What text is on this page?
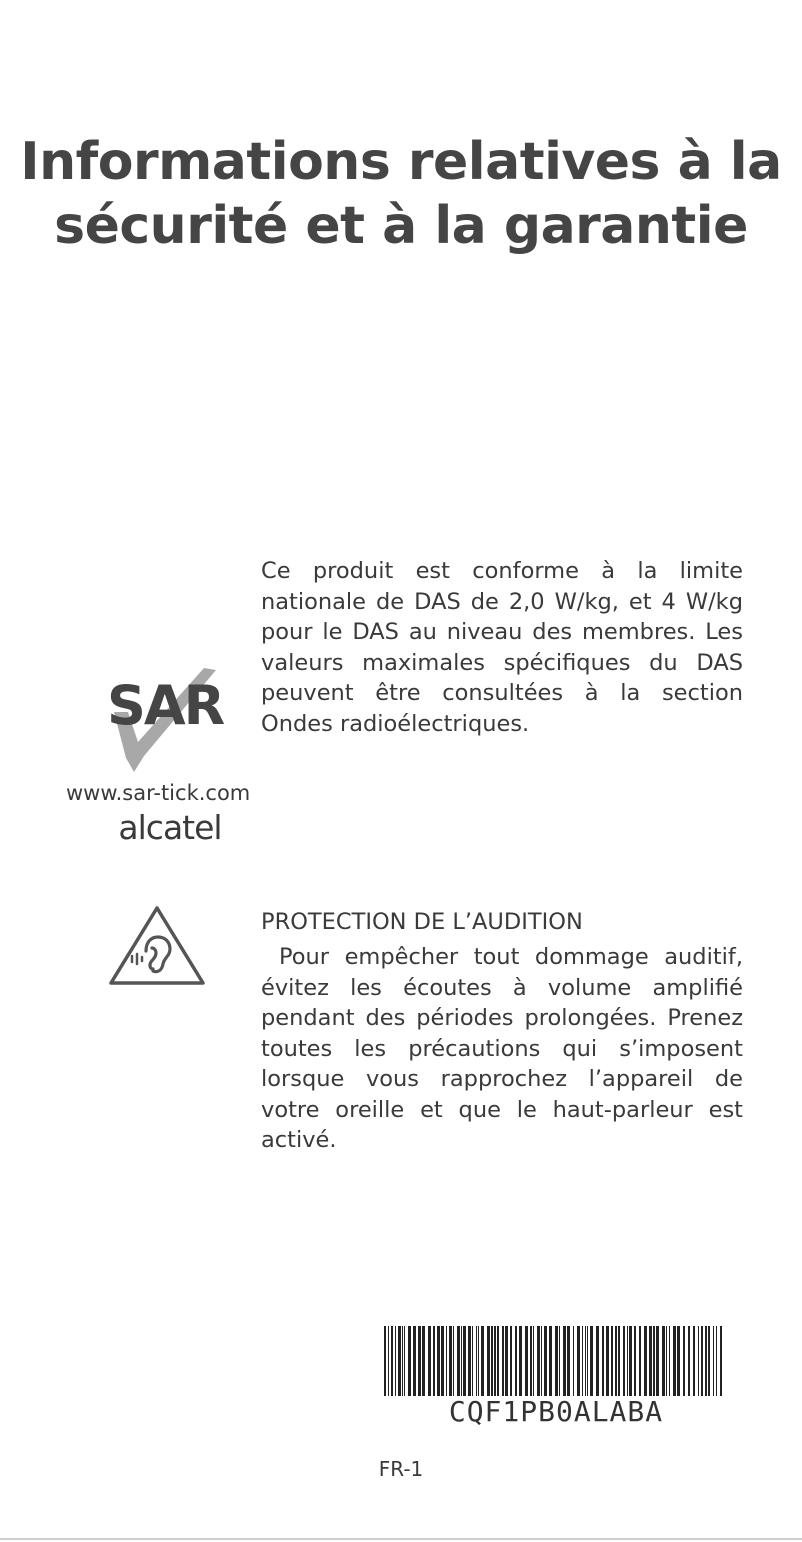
Informations relatives à la
sécurité et à la garantie
SAR
www.sar-tick.com
alcatel
Ce produit est conforme à la limite nationale de DAS de 2,0 W/kg, et 4 W/kg pour le DAS au niveau des membres. Les valeurs maximales spécifiques du DAS peuvent être consultées à la section Ondes radioélectriques.
PROTECTION DE L’AUDITION
Pour empêcher tout dommage auditif, évitez les écoutes à volume amplifié pendant des périodes prolongées. Prenez toutes les précautions qui s’imposent lorsque vous rapprochez l’appareil de votre oreille et que le haut-parleur est activé.
CQF1PB0ALABA
FR-1
